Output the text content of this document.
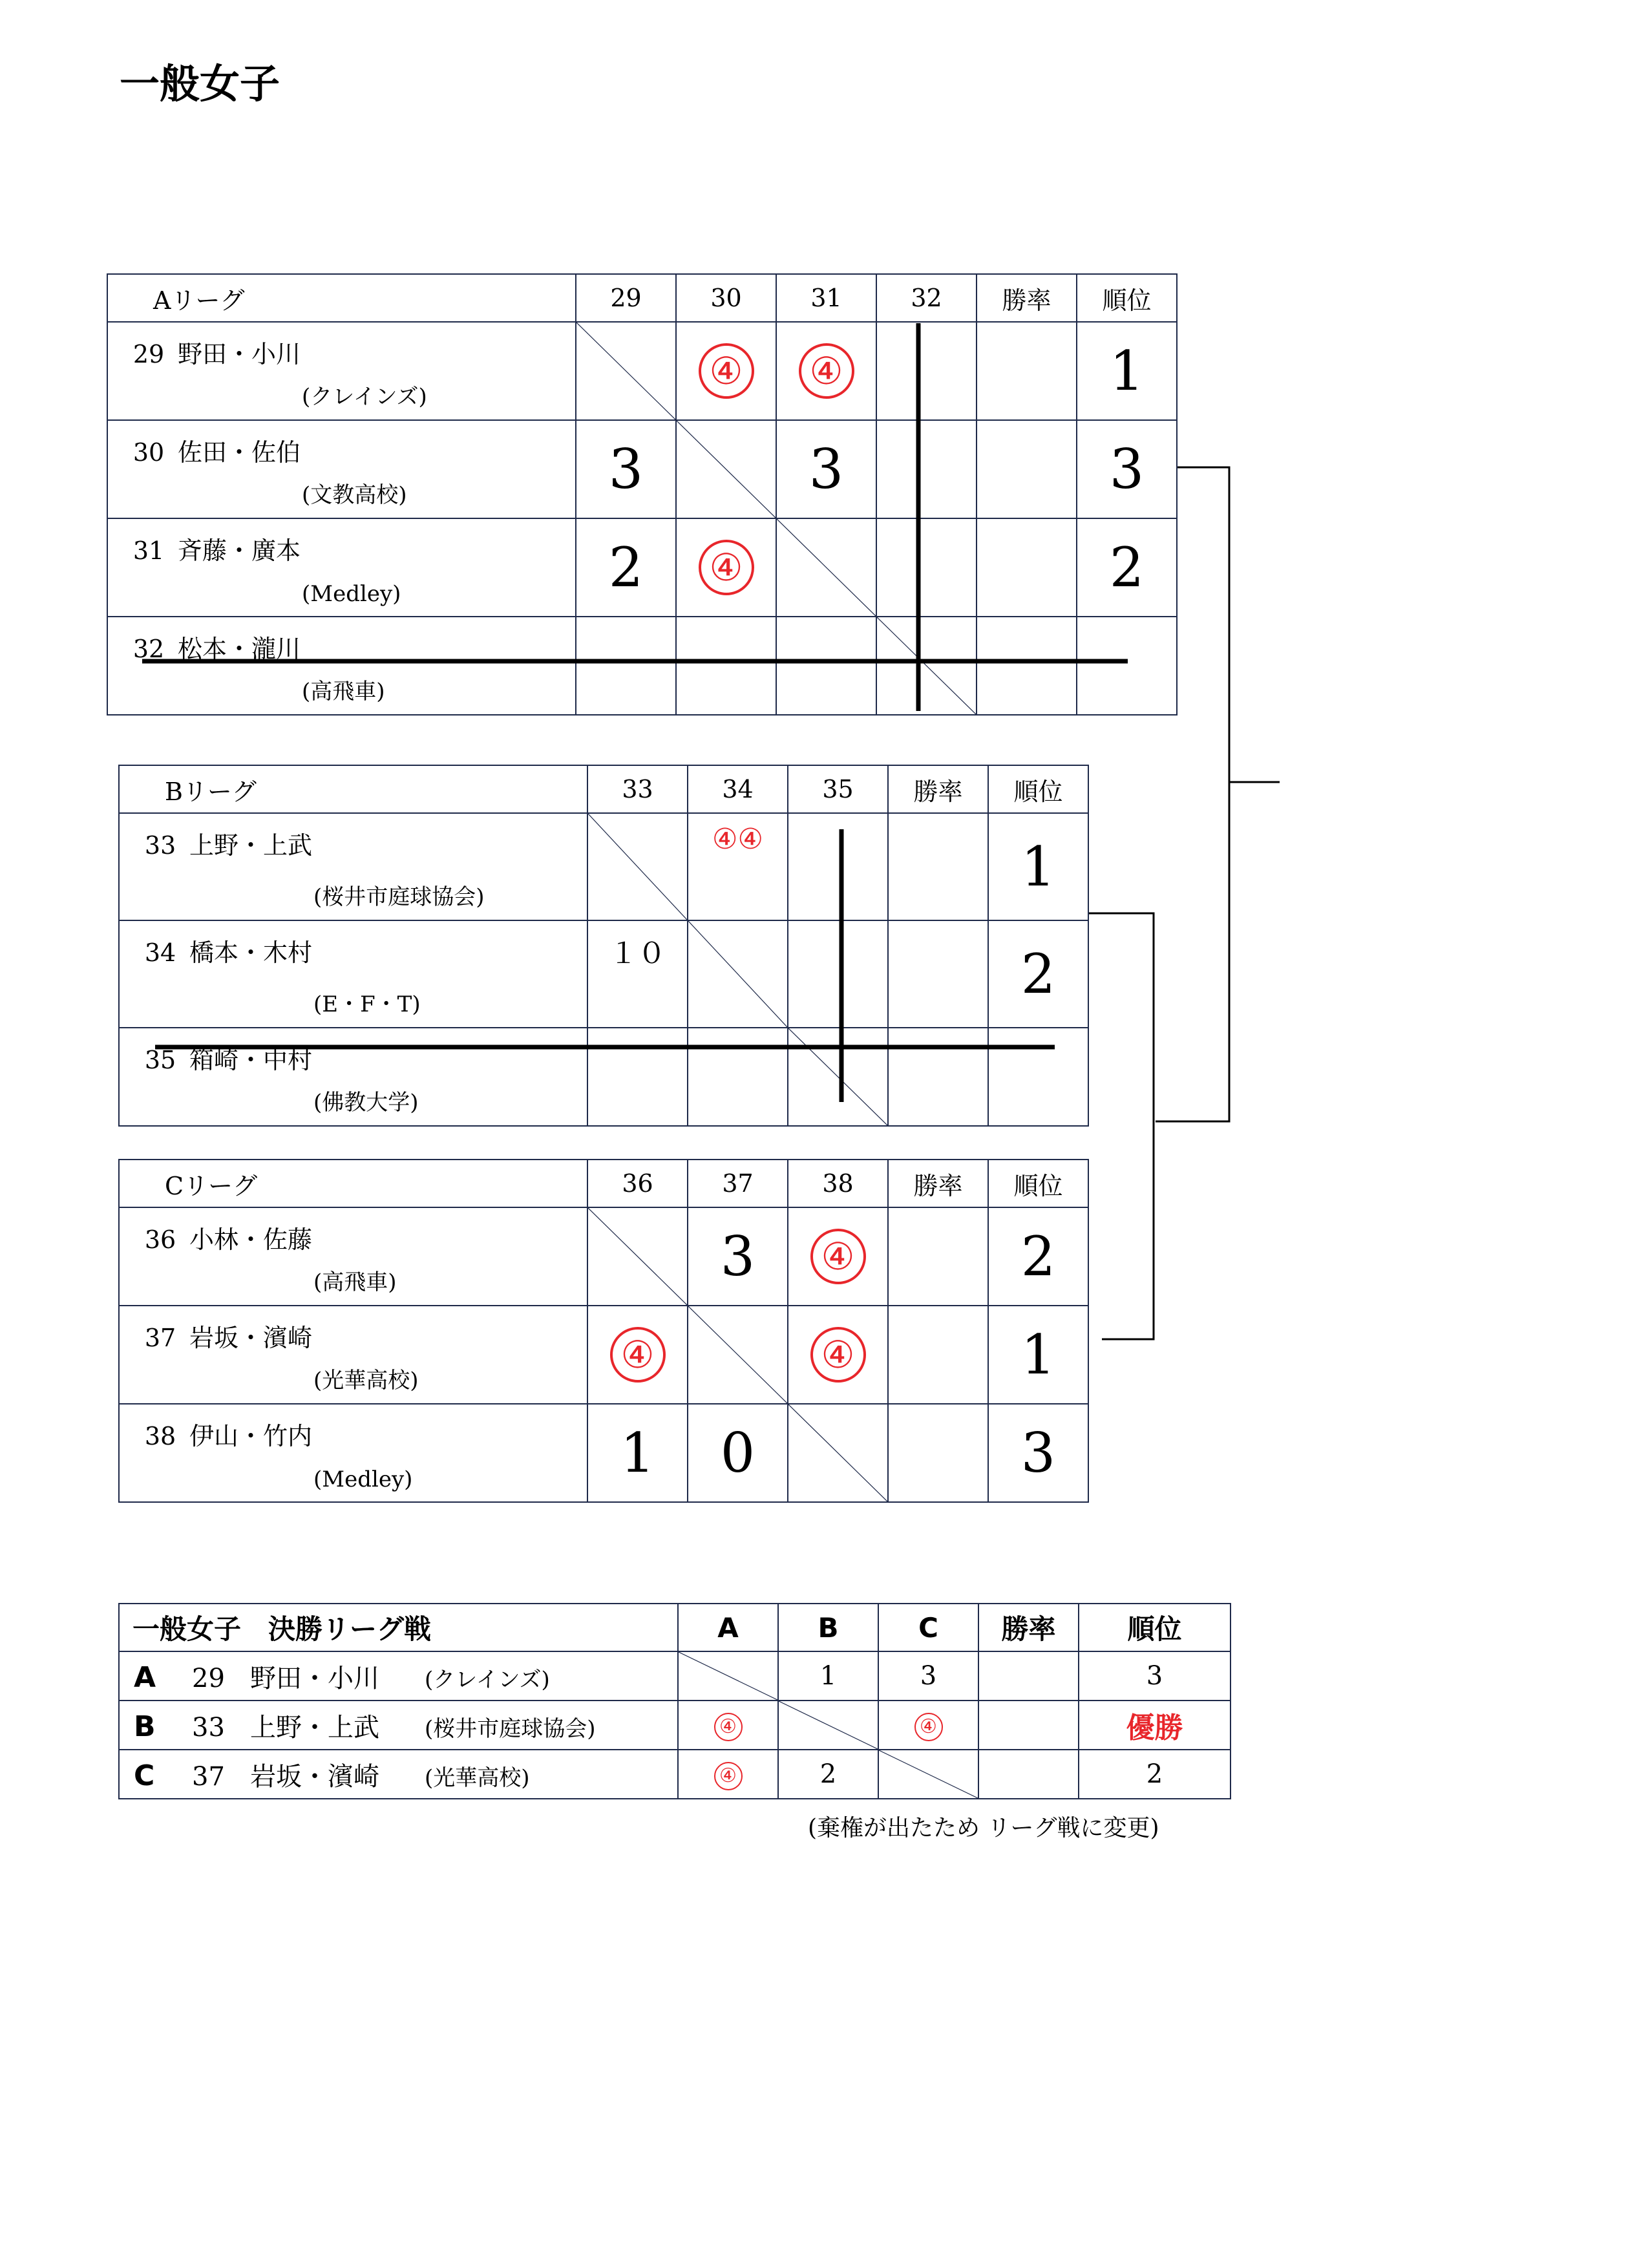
一般女子
Aリーグ	29	30	31	32	勝率	順位

29 野田・小川
(クレインズ)		④	④			1

30 佐田・佐伯
(文教高校)	3		3			3

31 斉藤・廣本
(Medley)	2	④				2

32 松本・瀧川
(高飛車)

Bリーグ	33	34	35	勝率	順位

33 上野・上武
(桜井市庭球協会)		④④			1

34 橋本・木村
(E・F・T)	１０				2

35 箱崎・中村
(佛教大学)

Cリーグ	36	37	38	勝率	順位

36 小林・佐藤
(高飛車)		3	④		2

37 岩坂・濱崎
(光華高校)	④		④		1

38 伊山・竹内
(Medley)	1	0			3
一般女子　決勝リーグ戦	A	B	C	勝率	順位
A 29 野田・小川 (クレインズ)		1	3		3
B 33 上野・上武 (桜井市庭球協会)	④		④		優勝
C 37 岩坂・濱崎 (光華高校)	④	2			2
(棄権が出たため リーグ戦に変更)
